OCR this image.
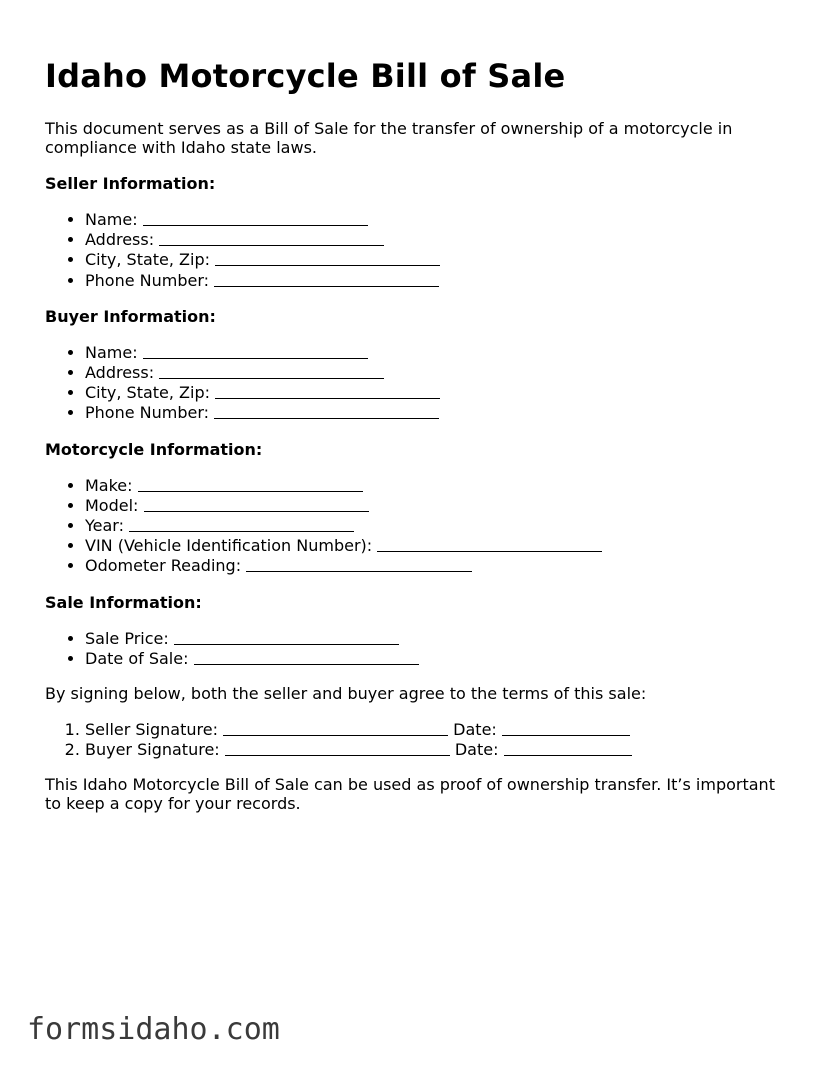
Idaho Motorcycle Bill of Sale

This document serves as a Bill of Sale for the transfer of ownership of a motorcycle in compliance with Idaho state laws.

Seller Information:
• Name:
• Address:
• City, State, Zip:
• Phone Number:
Buyer Information:
• Name:
• Address:
• City, State, Zip:
• Phone Number:
Motorcycle Information:
• Make:
• Model:
• Year:
• VIN (Vehicle Identification Number):
• Odometer Reading:
Sale Information:
• Sale Price:
• Date of Sale:

By signing below, both the seller and buyer agree to the terms of this sale:

1. Seller Signature:	Date:
2. Buyer Signature:	Date:

This Idaho Motorcycle Bill of Sale can be used as proof of ownership transfer. It’s important to keep a copy for your records.

formsidaho.com
